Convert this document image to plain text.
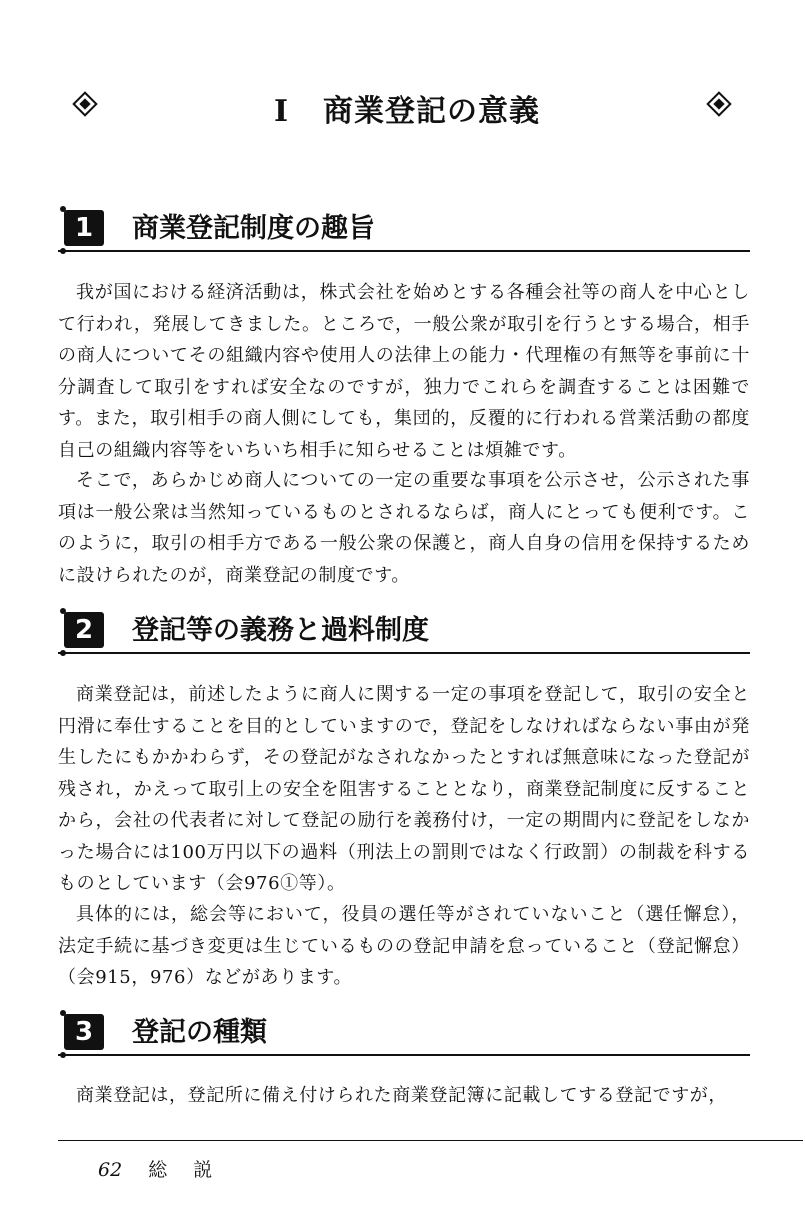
I 商業登記の意義
1	商業登記制度の趣旨

我が国における経済活動は，株式会社を始めとする各種会社等の商人を中心として行われ，発展してきました。ところで，一般公衆が取引を行うとする場合，相手の商人についてその組織内容や使用人の法律上の能力・代理権の有無等を事前に十分調査して取引をすれば安全なのですが，独力でこれらを調査することは困難です。また，取引相手の商人側にしても，集団的，反覆的に行われる営業活動の都度自己の組織内容等をいちいち相手に知らせることは煩雑です。

そこで，あらかじめ商人についての一定の重要な事項を公示させ，公示された事項は一般公衆は当然知っているものとされるならば，商人にとっても便利です。このように，取引の相手方である一般公衆の保護と，商人自身の信用を保持するために設けられたのが，商業登記の制度です。

2	登記等の義務と過料制度

商業登記は，前述したように商人に関する一定の事項を登記して，取引の安全と円滑に奉仕することを目的としていますので，登記をしなければならない事由が発生したにもかかわらず，その登記がなされなかったとすれば無意味になった登記が残され，かえって取引上の安全を阻害することとなり，商業登記制度に反することから，会社の代表者に対して登記の励行を義務付け，一定の期間内に登記をしなかった場合には100万円以下の過料（刑法上の罰則ではなく行政罰）の制裁を科するものとしています（会976①等）。

具体的には，総会等において，役員の選任等がされていないこと（選任懈怠），法定手続に基づき変更は生じているものの登記申請を怠っていること（登記懈怠）（会915，976）などがあります。

3	登記の種類

商業登記は，登記所に備え付けられた商業登記簿に記載してする登記ですが，

62 総説
